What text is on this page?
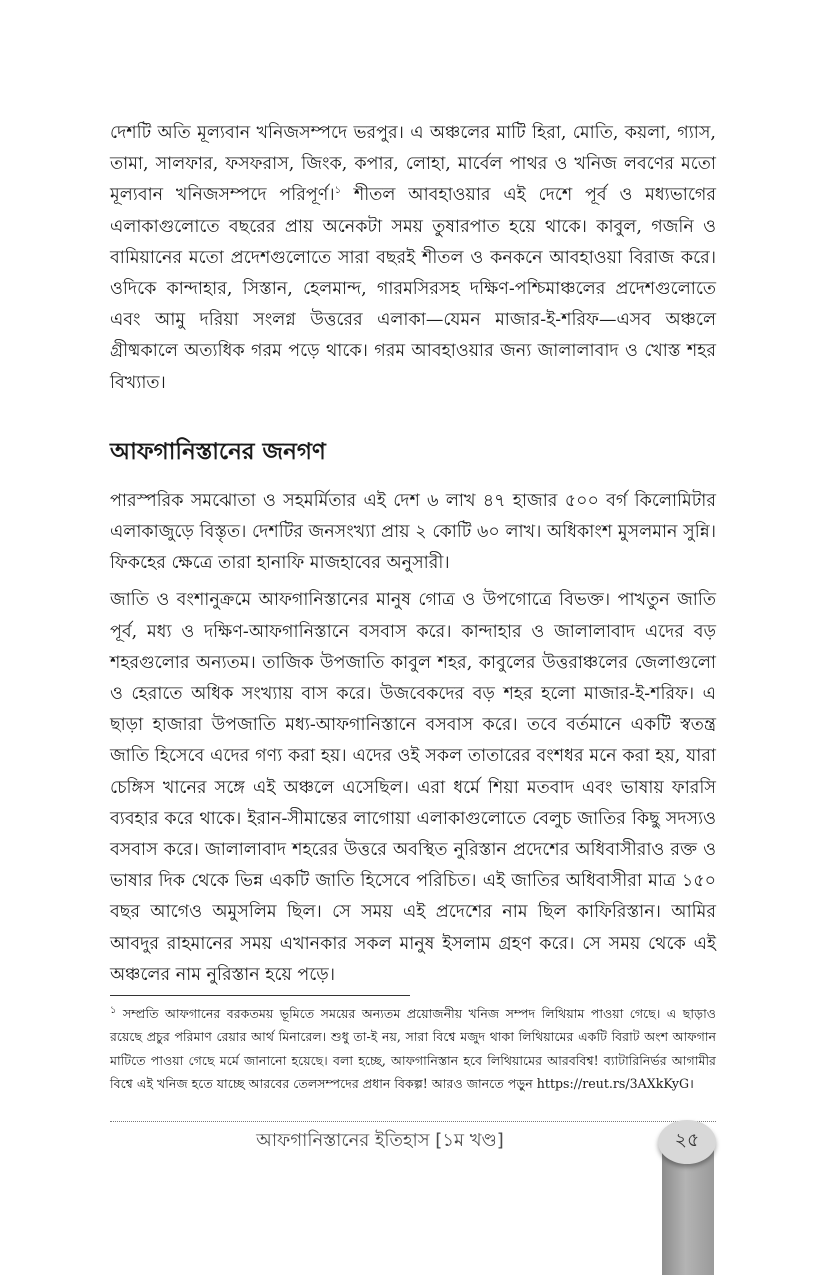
দেশটি অতি মূল্যবান খনিজসম্পদে ভরপুর। এ অঞ্চলের মাটি হিরা, মোতি, কয়লা, গ্যাস, তামা, সালফার, ফসফরাস, জিংক, কপার, লোহা, মার্বেল পাথর ও খনিজ লবণের মতো মূল্যবান খনিজসম্পদে পরিপূর্ণ।$^১$ শীতল আবহাওয়ার এই দেশে পূর্ব ও মধ্যভাগের এলাকাগুলোতে বছরের প্রায় অনেকটা সময় তুষারপাত হয়ে থাকে। কাবুল, গজনি ও বামিয়ানের মতো প্রদেশগুলোতে সারা বছরই শীতল ও কনকনে আবহাওয়া বিরাজ করে। ওদিকে কান্দাহার, সিস্তান, হেলমান্দ, গারমসিরসহ দক্ষিণ-পশ্চিমাঞ্চলের প্রদেশগুলোতে এবং আমু দরিয়া সংলগ্ন উত্তরের এলাকা—যেমন মাজার-ই-শরিফ—এসব অঞ্চলে গ্রীষ্মকালে অত্যধিক গরম পড়ে থাকে। গরম আবহাওয়ার জন্য জালালাবাদ ও খোস্ত শহর বিখ্যাত।

আফগানিস্তানের জনগণ

পারস্পরিক সমঝোতা ও সহমর্মিতার এই দেশ ৬ লাখ ৪৭ হাজার ৫০০ বর্গ কিলোমিটার এলাকাজুড়ে বিস্তৃত। দেশটির জনসংখ্যা প্রায় ২ কোটি ৬০ লাখ। অধিকাংশ মুসলমান সুন্নি। ফিকহের ক্ষেত্রে তারা হানাফি মাজহাবের অনুসারী।

জাতি ও বংশানুক্রমে আফগানিস্তানের মানুষ গোত্র ও উপগোত্রে বিভক্ত। পাখতুন জাতি পূর্ব, মধ্য ও দক্ষিণ-আফগানিস্তানে বসবাস করে। কান্দাহার ও জালালাবাদ এদের বড় শহরগুলোর অন্যতম। তাজিক উপজাতি কাবুল শহর, কাবুলের উত্তরাঞ্চলের জেলাগুলো ও হেরাতে অধিক সংখ্যায় বাস করে। উজবেকদের বড় শহর হলো মাজার-ই-শরিফ। এ ছাড়া হাজারা উপজাতি মধ্য-আফগানিস্তানে বসবাস করে। তবে বর্তমানে একটি স্বতন্ত্র জাতি হিসেবে এদের গণ্য করা হয়। এদের ওই সকল তাতারের বংশধর মনে করা হয়, যারা চেঙ্গিস খানের সঙ্গে এই অঞ্চলে এসেছিল। এরা ধর্মে শিয়া মতবাদ এবং ভাষায় ফারসি ব্যবহার করে থাকে। ইরান-সীমান্তের লাগোয়া এলাকাগুলোতে বেলুচ জাতির কিছু সদস্যও বসবাস করে। জালালাবাদ শহরের উত্তরে অবস্থিত নুরিস্তান প্রদেশের অধিবাসীরাও রক্ত ও ভাষার দিক থেকে ভিন্ন একটি জাতি হিসেবে পরিচিত। এই জাতির অধিবাসীরা মাত্র ১৫০ বছর আগেও অমুসলিম ছিল। সে সময় এই প্রদেশের নাম ছিল কাফিরিস্তান। আমির আবদুর রাহমানের সময় এখানকার সকল মানুষ ইসলাম গ্রহণ করে। সে সময় থেকে এই অঞ্চলের নাম নুরিস্তান হয়ে পড়ে।

$^১$ সম্প্রতি আফগানের বরকতময় ভূমিতে সময়ের অন্যতম প্রয়োজনীয় খনিজ সম্পদ লিথিয়াম পাওয়া গেছে। এ ছাড়াও রয়েছে প্রচুর পরিমাণ রেয়ার আর্থ মিনারেল। শুধু তা-ই নয়, সারা বিশ্বে মজুদ থাকা লিথিয়ামের একটি বিরাট অংশ আফগান মাটিতে পাওয়া গেছে মর্মে জানানো হয়েছে। বলা হচ্ছে, আফগানিস্তান হবে লিথিয়ামের আরববিশ্ব! ব্যাটারিনির্ভর আগামীর বিশ্বে এই খনিজ হতে যাচ্ছে আরবের তেলসম্পদের প্রধান বিকল্প! আরও জানতে পড়ুন https://reut.rs/3AXkKyG।
আফগানিস্তানের ইতিহাস [১ম খণ্ড]	২৫
